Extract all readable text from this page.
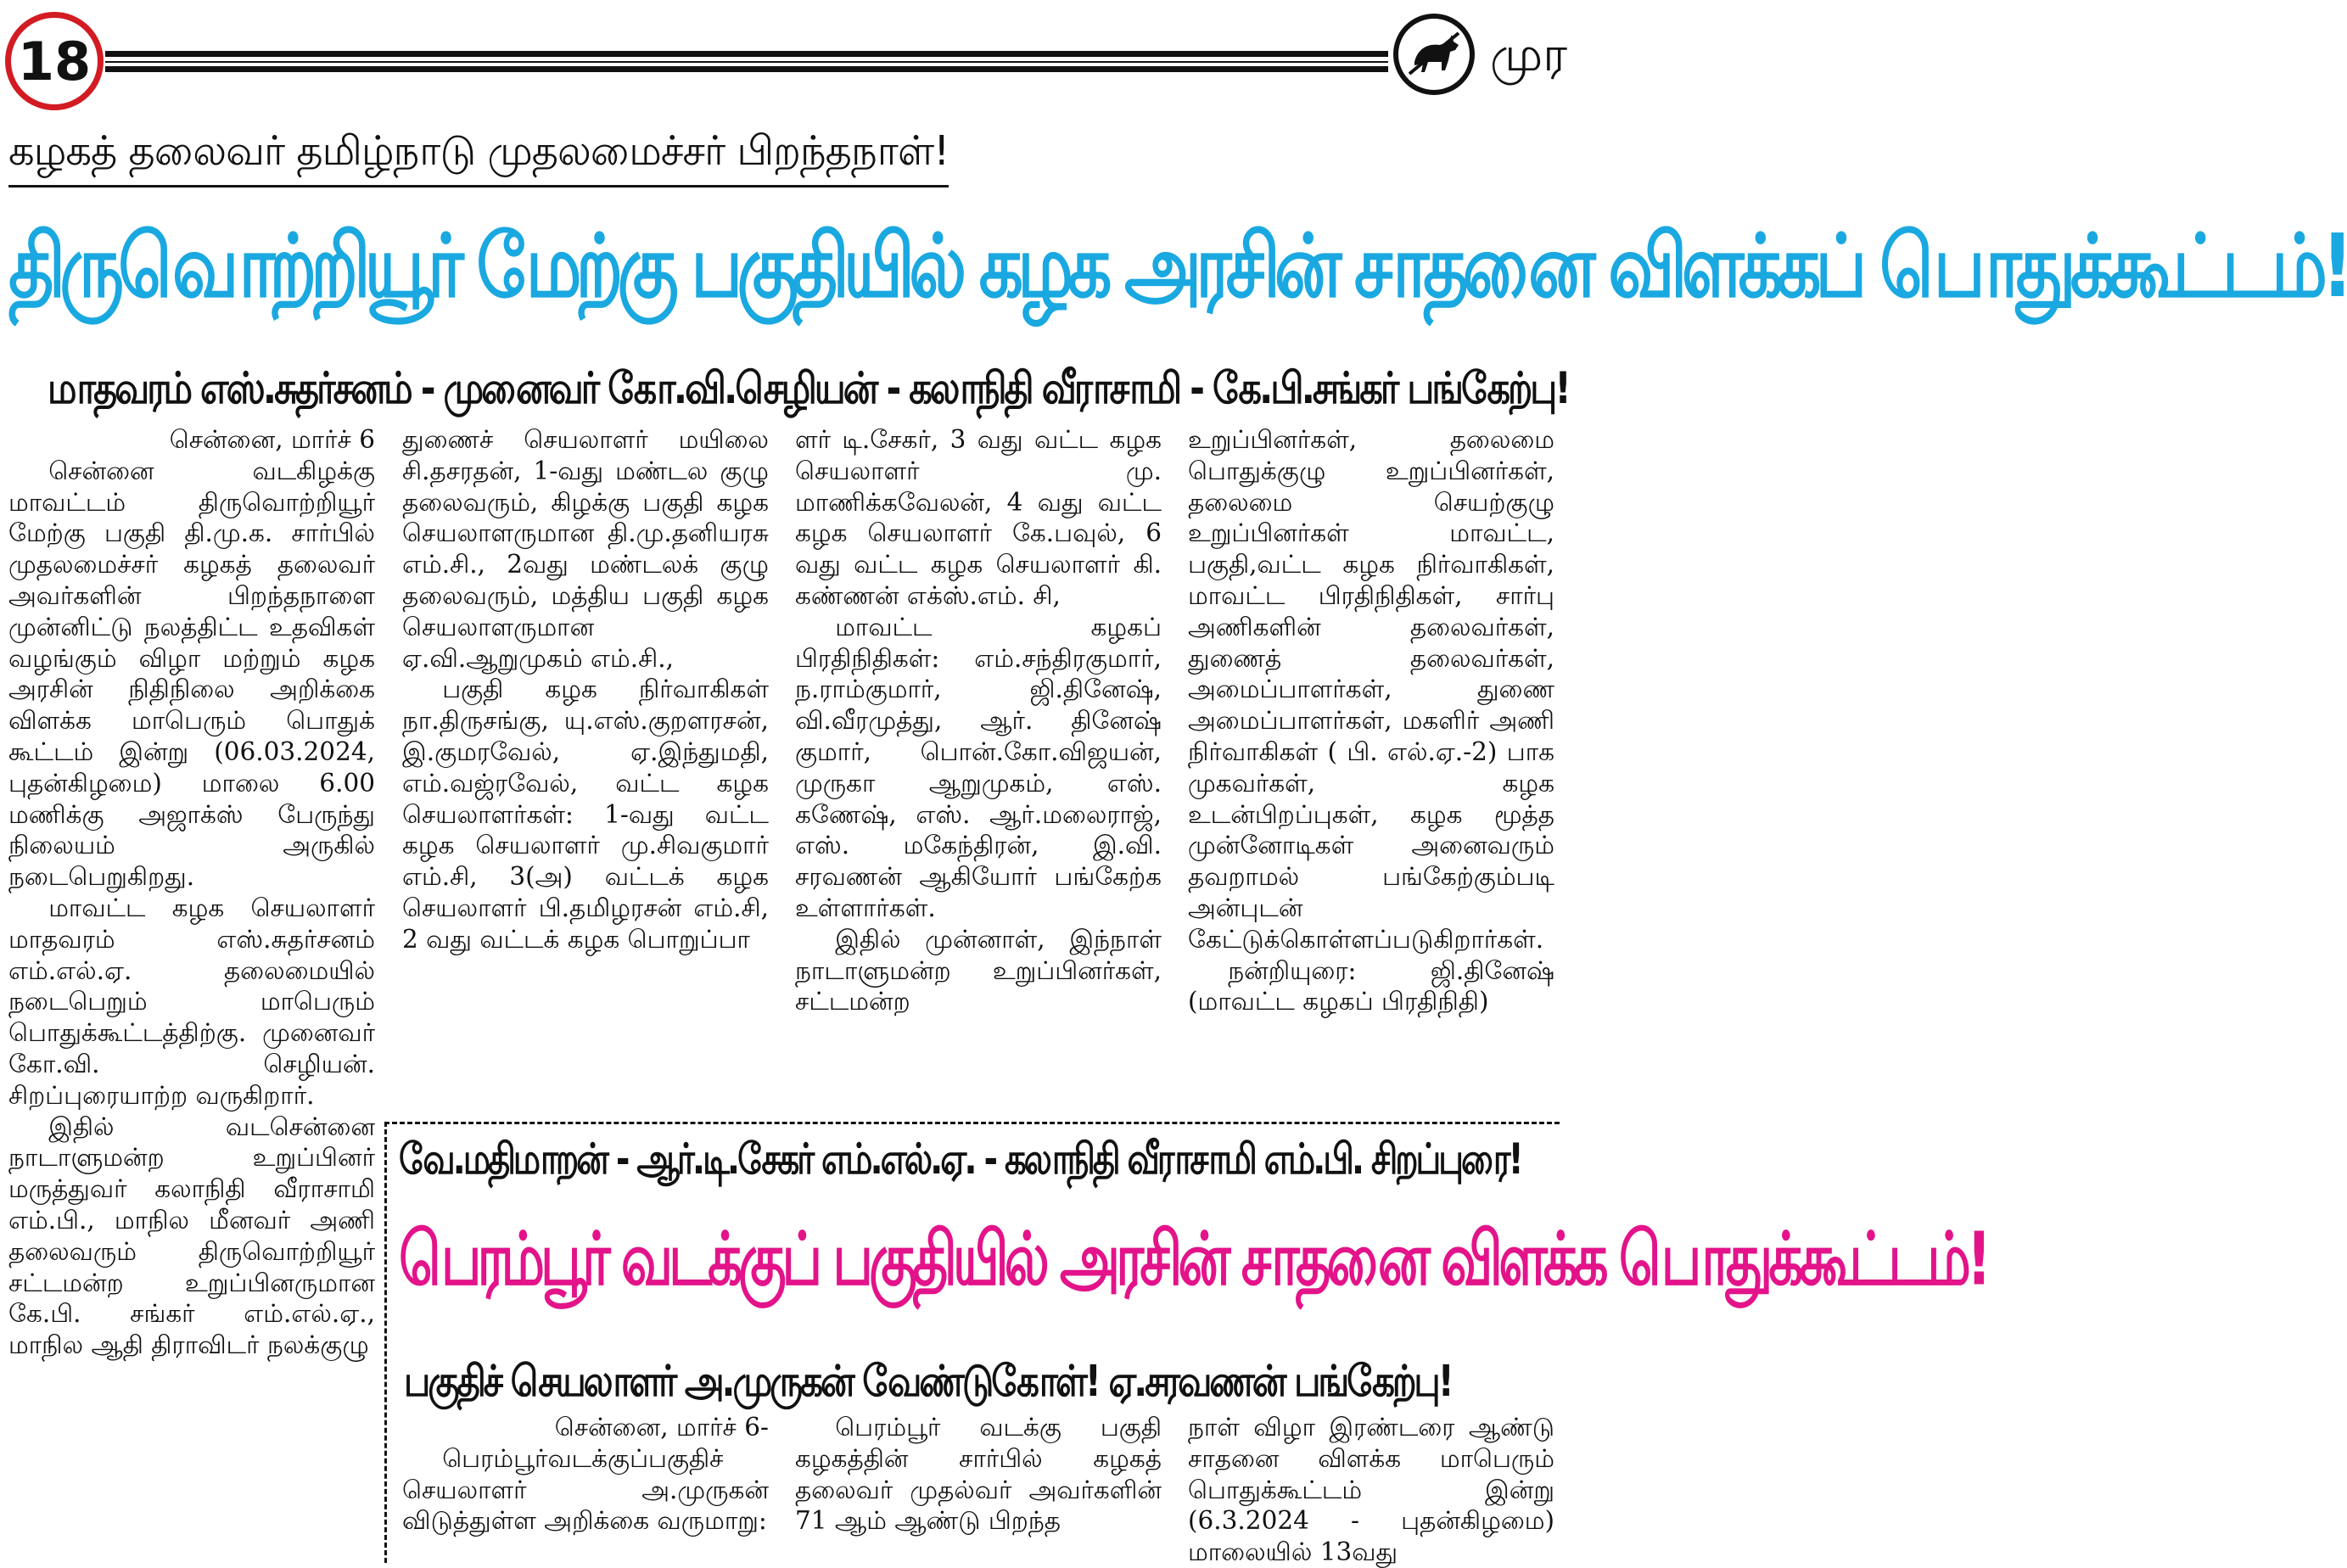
18	முர
கழகத் தலைவர் தமிழ்நாடு முதலமைச்சர் பிறந்தநாள்!
திருவொற்றியூர் மேற்கு பகுதியில் கழக அரசின் சாதனை விளக்கப் பொதுக்கூட்டம்!
மாதவரம் எஸ்.சுதர்சனம் - முனைவர் கோ.வி.செழியன் - கலாநிதி வீராசாமி - கே.பி.சங்கர் பங்கேற்பு!

சென்னை, மார்ச் 6

சென்னை வடகிழக்கு மாவட்டம் திருவொற்றியூர் மேற்கு பகுதி தி.மு.க. சார்பில் முதலமைச்சர் கழகத் தலைவர் அவர்களின் பிறந்தநாளை முன்னிட்டு நலத்திட்ட உதவிகள் வழங்கும் விழா மற்றும் கழக அரசின் நிதிநிலை அறிக்கை விளக்க மாபெரும் பொதுக் கூட்டம் இன்று (06.03.2024, புதன்கிழமை) மாலை 6.00 மணிக்கு அஜாக்ஸ் பேருந்து நிலையம் அருகில் நடைபெறுகிறது.

மாவட்ட கழக செயலாளர் மாதவரம் எஸ்.சுதர்சனம் எம்.எல்.ஏ. தலைமையில் நடைபெறும் மாபெரும் பொதுக்கூட்டத்திற்கு. முனைவர் கோ.வி. செழியன். சிறப்புரையாற்ற வருகிறார்.

இதில் வடசென்னை நாடாளுமன்ற உறுப்பினர் மருத்துவர் கலாநிதி வீராசாமி எம்.பி., மாநில மீனவர் அணி தலைவரும் திருவொற்றியூர் சட்டமன்ற உறுப்பினருமான கே.பி. சங்கர் எம்.எல்.ஏ., மாநில ஆதி திராவிடர் நலக்குழு

துணைச் செயலாளர் மயிலை சி.தசரதன், 1-வது மண்டல குழு தலைவரும், கிழக்கு பகுதி கழக செயலாளருமான தி.மு.தனியரசு எம்.சி., 2வது மண்டலக் குழு தலைவரும், மத்திய பகுதி கழக செயலாளருமான ஏ.வி.ஆறுமுகம் எம்.சி.,

பகுதி கழக நிர்வாகிகள் நா.திருசங்கு, யு.எஸ்.குறளரசன், இ.குமரவேல், ஏ.இந்துமதி, எம்.வஜ்ரவேல், வட்ட கழக செயலாளர்கள்: 1-வது வட்ட கழக செயலாளர் மு.சிவகுமார் எம்.சி, 3(அ) வட்டக் கழக செயலாளர் பி.தமிழரசன் எம்.சி, 2 வது வட்டக் கழக பொறுப்பா

ளர் டி.சேகர், 3 வது வட்ட கழக செயலாளர் மு. மாணிக்கவேலன், 4 வது வட்ட கழக செயலாளர் கே.பவுல், 6 வது வட்ட கழக செயலாளர் கி. கண்ணன் எக்ஸ்.எம். சி,

மாவட்ட கழகப் பிரதிநிதிகள்: எம்.சந்திரகுமார், ந.ராம்குமார், ஜி.தினேஷ், வி.வீரமுத்து, ஆர். தினேஷ் குமார், பொன்.கோ.விஜயன், முருகா ஆறுமுகம், எஸ். கணேஷ், எஸ். ஆர்.மலைராஜ், எஸ். மகேந்திரன், இ.வி. சரவணன் ஆகியோர் பங்கேற்க உள்ளார்கள்.

இதில் முன்னாள், இந்நாள் நாடாளுமன்ற உறுப்பினர்கள், சட்டமன்ற

உறுப்பினர்கள், தலைமை பொதுக்குழு உறுப்பினர்கள், தலைமை செயற்குழு உறுப்பினர்கள் மாவட்ட, பகுதி,வட்ட கழக நிர்வாகிகள், மாவட்ட பிரதிநிதிகள், சார்பு அணிகளின் தலைவர்கள், துணைத் தலைவர்கள், அமைப்பாளர்கள், துணை அமைப்பாளர்கள், மகளிர் அணி நிர்வாகிகள் ( பி. எல்.ஏ.-2) பாக முகவர்கள், கழக உடன்பிறப்புகள், கழக மூத்த முன்னோடிகள் அனைவரும் தவறாமல் பங்கேற்கும்படி அன்புடன் கேட்டுக்கொள்ளப்படுகிறார்கள்.

நன்றியுரை: ஜி.தினேஷ் (மாவட்ட கழகப் பிரதிநிதி)

வே.மதிமாறன் - ஆர்.டி.சேகர் எம்.எல்.ஏ. - கலாநிதி வீராசாமி எம்.பி. சிறப்புரை!
பெரம்பூர் வடக்குப் பகுதியில் அரசின் சாதனை விளக்க பொதுக்கூட்டம்!
பகுதிச் செயலாளர் அ.முருகன் வேண்டுகோள்! ஏ.சரவணன் பங்கேற்பு!

சென்னை, மார்ச் 6-

பெரம்பூர்வடக்குப்பகுதிச் செயலாளர் அ.முருகன் விடுத்துள்ள அறிக்கை வருமாறு:

பெரம்பூர் வடக்கு பகுதி கழகத்தின் சார்பில் கழகத் தலைவர் முதல்வர் அவர்களின் 71 ஆம் ஆண்டு பிறந்த

நாள் விழா இரண்டரை ஆண்டு சாதனை விளக்க மாபெரும் பொதுக்கூட்டம் இன்று (6.3.2024 - புதன்கிழமை) மாலையில் 13வது
